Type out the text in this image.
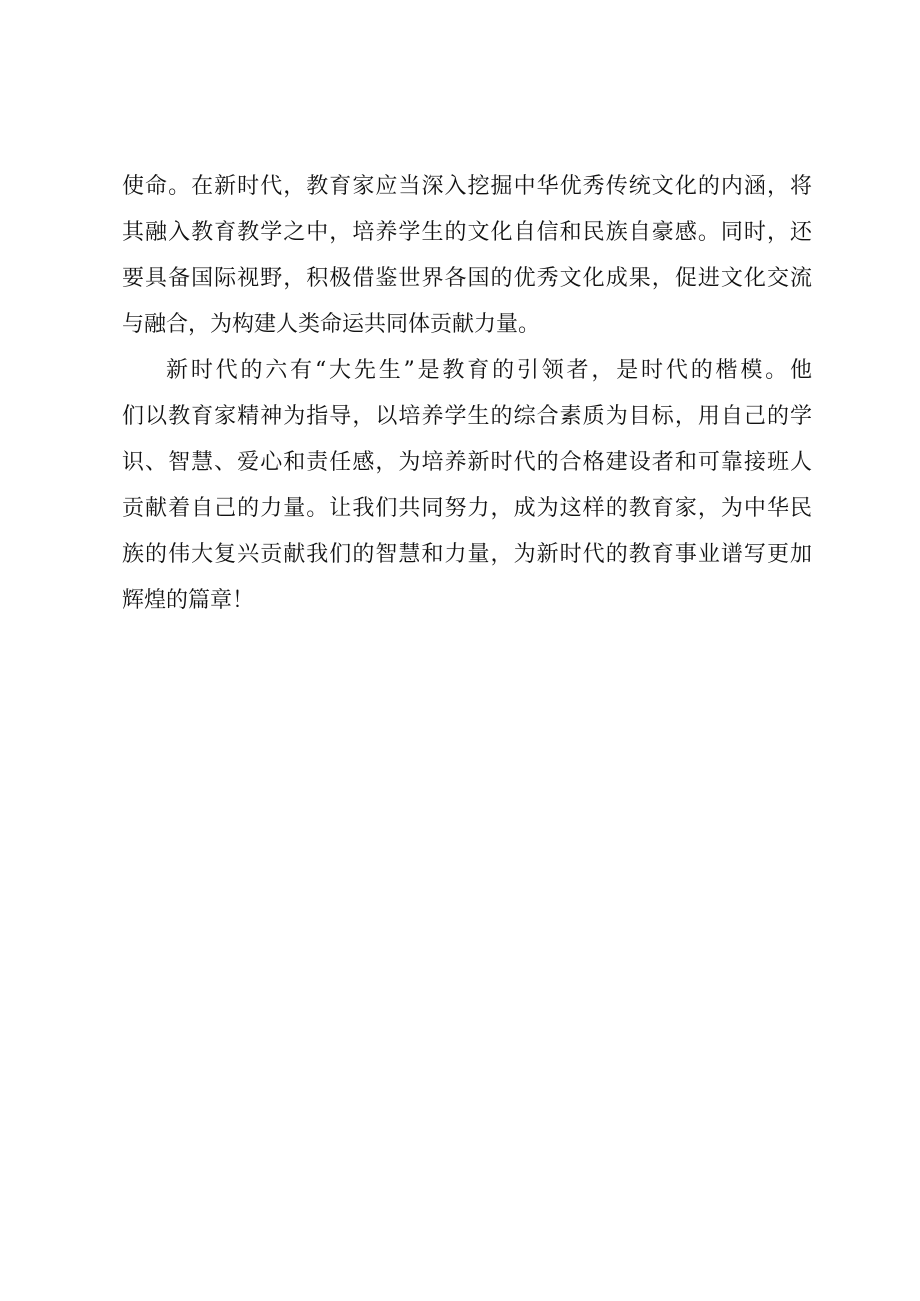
使命。在新时代，教育家应当深入挖掘中华优秀传统文化的内涵，将
其融入教育教学之中，培养学生的文化自信和民族自豪感。同时，还
要具备国际视野，积极借鉴世界各国的优秀文化成果，促进文化交流
与融合，为构建人类命运共同体贡献力量。
新时代的六有“大先生”是教育的引领者，是时代的楷模。他
们以教育家精神为指导，以培养学生的综合素质为目标，用自己的学
识、智慧、爱心和责任感，为培养新时代的合格建设者和可靠接班人
贡献着自己的力量。让我们共同努力，成为这样的教育家，为中华民
族的伟大复兴贡献我们的智慧和力量，为新时代的教育事业谱写更加
辉煌的篇章！
